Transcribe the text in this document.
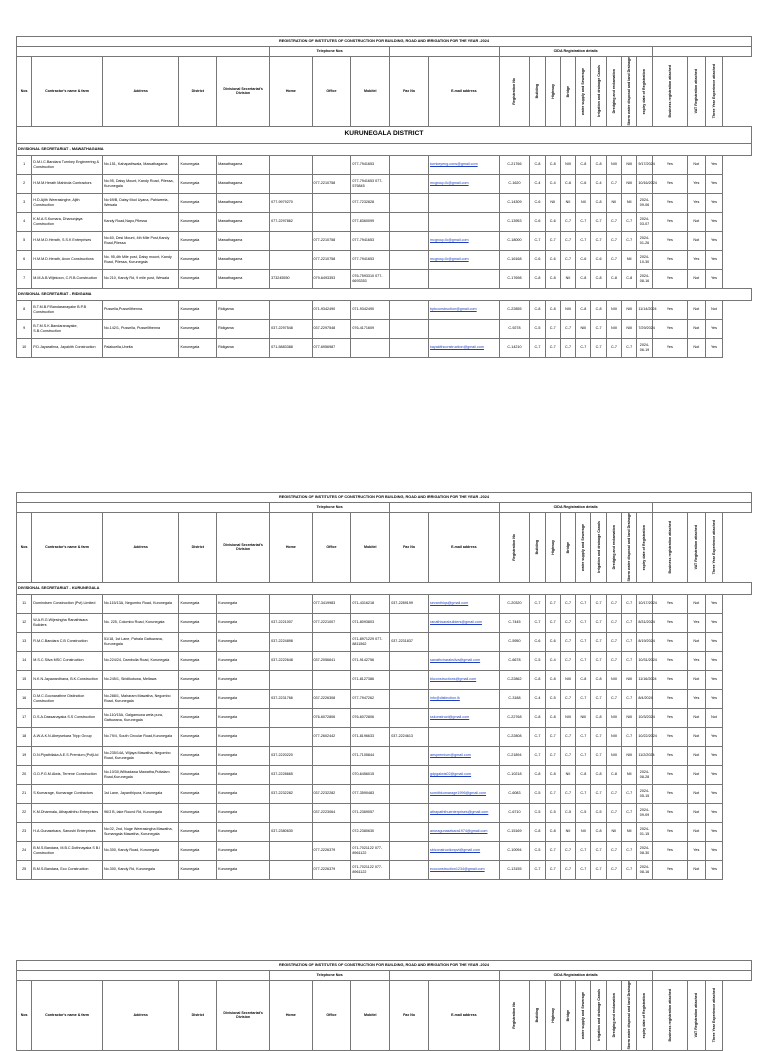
REGISTRATION OF INSTITUTES OF CONSTRUCTION FOR BUILDING, ROAD AND IRRIGATION FOR THE YEAR -2024																					
					Telephone Nos					CIDA Registration details											
Nos	Contractor's name & farm	Address	District	Divisional Secretariat's Division	Home	Office	Mobitel	Fax No	E-mail address	Registration No	Building	Highway	Bridge	water supply and Sewerage	Irrigation and drainage Canals	Dredging and reclamation	Storm water disposal and land Drainage	expiry date of Registration	Business registration attached	VAT Registration attached	Three Year Experience attached

KURUNEGALA DISTRICT																					
DIVISIONAL SECRETARIAT - MAWATHAGAMA																					
1	D.M.I.C.Bandara Turnkey Engineering & Construction	No.151, Kahapathwala, Mawathagama	Kurunegala	Mawathagama			077-7941653		turnkeyeng.cons@gmail.com	C-21766	C-8	C-8	NIII	C-8	C-8	NIII	NIII	9/17/2024	Yes	Not	Yes
2	H.M.M.Herath Mahinda Contractors	No.95, Daisy Mount, Kandy Road, Pilessa, Kurunegala	Kurunegala	Mawathagama		077-2210758	077-7941653 077-575845		mcgroup.lk@gmail.com	C-1620	C-4	C-4	C-6	C-6	C-4	C-7	NIII	10/16/2024	Yes	Yes	Yes
3	H.D.Ajith Weerasinghe, Ajith Construction	No 69/B, Daisy Mod Uyana, Pahiweela, Wewala	Kurunegala	Mawathagama	077-9979270		077-7232828			C-14309	C-6	NII	NII	NII	C-8	NII	NII	2024-09-06	Yes	Yes	Yes
4	K.M.A.S.Kumara, Dhanunjaya Construction	Kandy Road,Napo,Pilessa	Kurunegala	Mawathagama	077-2297862		077-8360099			C-13953	C-6	C-6	C-7	C-7	C-7	C-7	C-7	2024-03-07	Yes	Not	Yes
5	H.M.M.D.Herath, S.S.K Enterprises	No.60, Desi Mount, 4th Mile Post,Kandy Road,Pilessa	Kurunegala	Mawathagama		077-2210758	077-7941653		mcgroup.lk@gmail.com	C-18000	C-7	C-7	C-7	C-7	C-7	C-7	C-7	2024-01-26	Yes	Not	Yes
6	H.M.M.D.Herath, Avon Constructions	No. 95,4th Mile post, Daisy mount, Kandy Road, Pilessa, Kurunegala	Kurunegala	Mawathagama		077-2210758	077-7941653		mcgroup.lk@gmail.com	C-16168	C-6	C-6	C-7	C-6	C-6	C-7	NII	2024-10-30	Yes	Yes	Yes
7	M.M.A.B.Wijekoon, C.R.B.Construction	No 210, Kandy Rd, 9 mile post, Wewala	Kurunegala	Mawathagama	373245550	079-6493353	076-7593310 077-6693353			C-17698	C-8	C-8	NII	C-8	C-8	C-8	C-8	2024-08-16	Yes	Not	Yes
DIVISIONAL SECRETARIAT - RIDIGAMA																					
8	B.T.M.B.P.Bandaranayake B.P.B Construction	Pussella,Pussellthenna.	Kurunegala	Ridigama		071-9342490	071-9342490		bpbconstruction@gmail.com	C-22855	C-8	C-8	NIII	C-8	C-8	NIII	NIII	11/14/2024	Yes	Not	Not
9	B.T.M.S.K.Bandaranayake, S.B.Construction	No.142/1, Pussella, Pussellthenna	Kurunegala	Ridigama	037-2297548	037-2297548	076-4171609			C-9278	C-5	C-7	C-7	NIII	C-7	NIII	NIII	7/29/2024	Yes	Not	Yes
10	P.D.Jayarathna, Jayakith Construction	Palakoella,Uneita	Kurunegala	Ridigama	071-5883388	077-6956987			kayakithconstruction@gmail.com	C-14210	C-7	C-7	C-7	C-7	C-7	C-7	C-7	2024-06-19	Yes	Not	Yes
REGISTRATION OF INSTITUTES OF CONSTRUCTION FOR BUILDING, ROAD AND IRRIGATION FOR THE YEAR -2024																					
					Telephone Nos					CIDA Registration details											
Nos	Contractor's name & farm	Address	District	Divisional Secretariat's Division	Home	Office	Mobitel	Fax No	E-mail address	Registration No	Building	Highway	Bridge	water supply and Sewerage	Irrigation and drainage Canals	Dredging and reclamation	Storm water disposal and land Drainage	expiry date of Registration	Business registration attached	VAT Registration attached	Three Year Experience attached

DIVISIONAL SECRETARIAT - KURUNEGALA																					
11	Dumindsen Construction (Pvt) Limited	No.115/13A, Negombo Road, Kurunegala	Kurunegala	Kurunegala		077-3419983	071-4316218	037-2289199	sevanthiqs@gmail.com	C-20320	C-7	C-7	C-7	C-7	C-7	C-7	C-7	10/17/2024	Yes	Not	Yes
12	W.A.R.G.Wijesingha Ranathisara Builders	No. 225, Colombo Road, Kurunegala	Kurunegala	Kurunegala	037-2221007	077-2221007	071-8093803		ranathisarabuilders@gmail.com	C-7445	C-7	C-7	C-7	C-7	C-7	C-7	C-7	8/31/2024	Yes	Yes	Yes
13	R.M.C.Bandara C.B Construction	51/18, 1st Lane, Pahala Gattuwana, Kurunegala	Kurunegala	Kurunegala	037-2224898		071-8971229 077-8811562	037-2231837		C-5950	C-6	C-6	C-7	C-7	C-7	C-7	C-7	8/19/2024	Yes	Not	Yes
14	M.S.C.Silva MSC Construction	No.224/24, Dambulla Road, Kurunegala	Kurunegala	Kurunegala	037-2222648	037-2056641	071-9142756		sanathcharaksilva@gmail.com	C-6678	C-5	C-4	C-7	C-7	C-7	C-7	C-7	10/31/2024	Yes	Yes	Yes
15	N.K.N.Jayawardhana, B.K.Construction	No.245/1, Siridikutuwa, Mellawa	Kurunegala	Kurunegala			071-8127386		bkconstructions@gmail.com	C-22862	C-8	C-8	NIII	C-8	C-8	NIII	NIII	11/16/2024	Yes	Not	Yes
16	D.M.C.Goonarathne Distinction Construction	No.288/1, Maharam Mawatha, Negombo Road, Kurunegala	Kurunegala	Kurunegala	037-2231766	037-2226308	077-7947262		info@distinction.lk	C-3188	C-4	C-5	C-7	C-7	C-7	C-7	C-7	8/4/2024	Yes	Yes	Yes
17	D.S.A.Dassanayaka S.S Construction	No.110/15A, Galgamuwa wela pura, Gattuwana, Kurunegala	Kurunegala	Kurunegala		076-6072806	076-6072806		sskonstruct@gmail.com	C-22768	C-8	C-8	NIII	NIII	C-8	NIII	NIII	10/3/2024	Yes	Not	Not
18	A.W.A.K.N.Abeysekara Tripp Group	No.79/4, South Circular Road,Kurunegala	Kurunegala	Kurunegala		077-2602442	071-8196633	037-2224613		C-22808	C-7	C-7	C-7	C-7	C-7	NIII	C-7	10/22/2024	Yes	Not	Yes
19	D.N.Piyathilaka A.E.S.Premium (Pvt)Ltd	No.235/14A, Wijaya Mawatha, Negombo Road, Kurunegala	Kurunegala	Kurunegala	037-2220220		071-7105844		aespremium@gmail.com	C-21894	C-7	C-7	C-7	C-7	C-7	NIII	NIII	11/2/2024	Yes	Not	Yes
20	G.D.P.G.M.Alwis, Terrene Construction	No.10/30,Wilbadawa Mawatha,Puttalam Road,Kurunegala	Kurunegala	Kurunegala	037-2228665		070-6456015		gdpgalwis02@gmail.com	C-10218	C-8	C-8	NII	C-8	C-8	C-8	NII	2024-08-28	Yes	Not	Yes
21	S.Kumarage, Kumarage Contractors	1st Lane, Jayanthipura, Kurunegala	Kurunegala	Kurunegala	037-2232282	037-2232282	077-3590483		sumithkumarage1996@gmail.com	C-6083	C-5	C-7	C-7	C-7	C-7	C-7	C-7	2024-05-15	Yes	Not	Yes
22	K.M.Dharmala, Athapaththu Enterprises	96/3 B, lake Round Rd, Kurunegala	Kurunegala	Kurunegala		037-2223064	071-2369057		athapaththuenterprises@gmail.com	C-6710	C-5	C-5	C-5	C-5	C-5	C-7	C-7	2024-09-09	Yes	Not	Yes
23	H.A.Gunasekara, Sanoshi Enterprises	No.02, 2nd, Nuge Weerasingha Mawatha, Sumangala Mawatha, Kurunegala	Kurunegala	Kurunegala	037-2380630		072-2380630		anuragunasekara1974@gmail.com	C-15169	C-8	C-8	NII	NII	C-8	NII	NII	2024-01-15	Yes	Not	Yes
24	B.M.S.Bandara, M.B.C.Dothnayaka S B.I Construction	No.300, Kandy Road, Kurunegala	Kurunegala	Kurunegala		077-2226379	071-7021122 077-8961122		sbiconstructionpvt@gmail.com	C-10094	C-5	C-7	C-7	C-7	C-7	C-7	C-7	2024-08-30	Yes	Yes	Yes
25	B.M.S.Bandara, Eco Construction	No.300, Kandy Rd, Kurunegala	Kurunegala	Kurunegala		077-2226379	071-7021122 077-8961122		ecoconstruction1234@gmail.com	C-13155	C-7	C-7	C-7	C-7	C-7	C-7	C-7	2024-08-16	Yes	Not	Yes
REGISTRATION OF INSTITUTES OF CONSTRUCTION FOR BUILDING, ROAD AND IRRIGATION FOR THE YEAR -2024																					
					Telephone Nos					CIDA Registration details											
Nos	Contractor's name & farm	Address	District	Divisional Secretariat's Division	Home	Office	Mobitel	Fax No	E-mail address	Registration No	Building	Highway	Bridge	water supply and Sewerage	Irrigation and drainage Canals	Dredging and reclamation	Storm water disposal and land Drainage	expiry date of Registration	Business registration attached	VAT Registration attached	Three Year Experience attached
